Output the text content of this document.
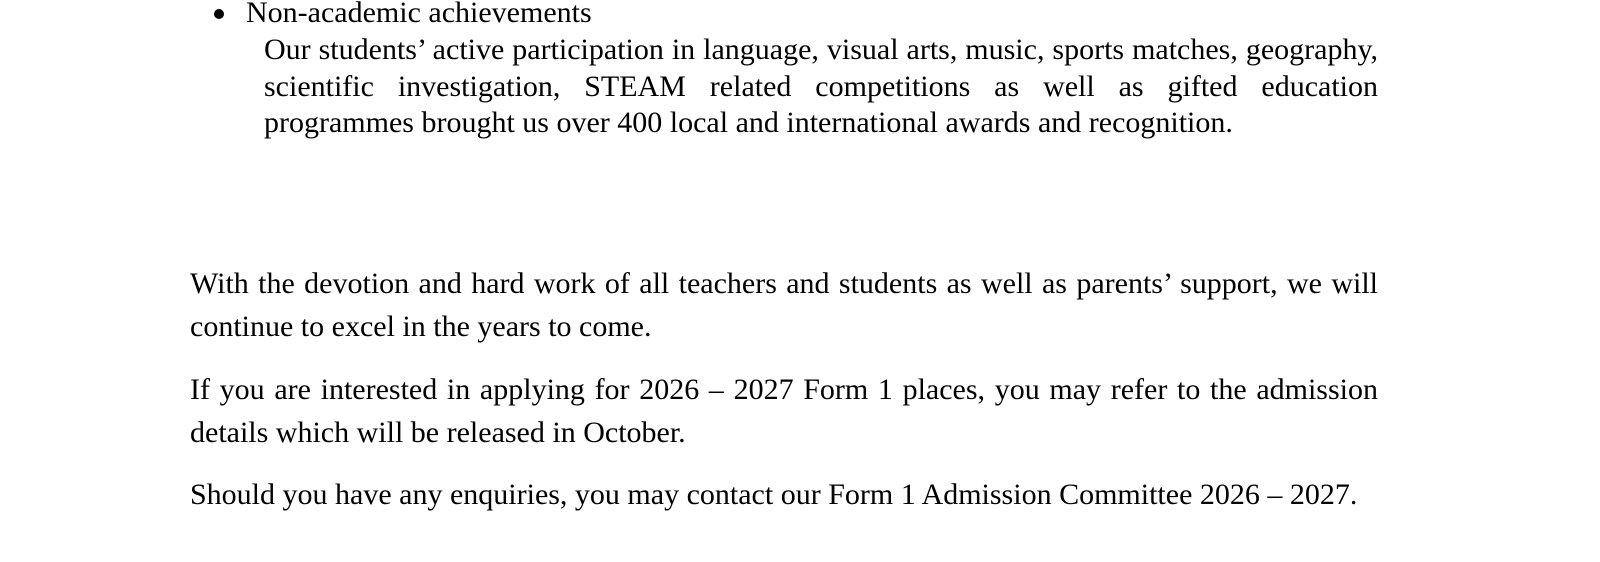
Non-academic achievements
Our students’ active participation in language, visual arts, music, sports matches, geography, scientific investigation, STEAM related competitions as well as gifted education programmes brought us over 400 local and international awards and recognition.

With the devotion and hard work of all teachers and students as well as parents’ support, we will continue to excel in the years to come.

If you are interested in applying for 2026 – 2027 Form 1 places, you may refer to the admission details which will be released in October.

Should you have any enquiries, you may contact our Form 1 Admission Committee 2026 – 2027.
